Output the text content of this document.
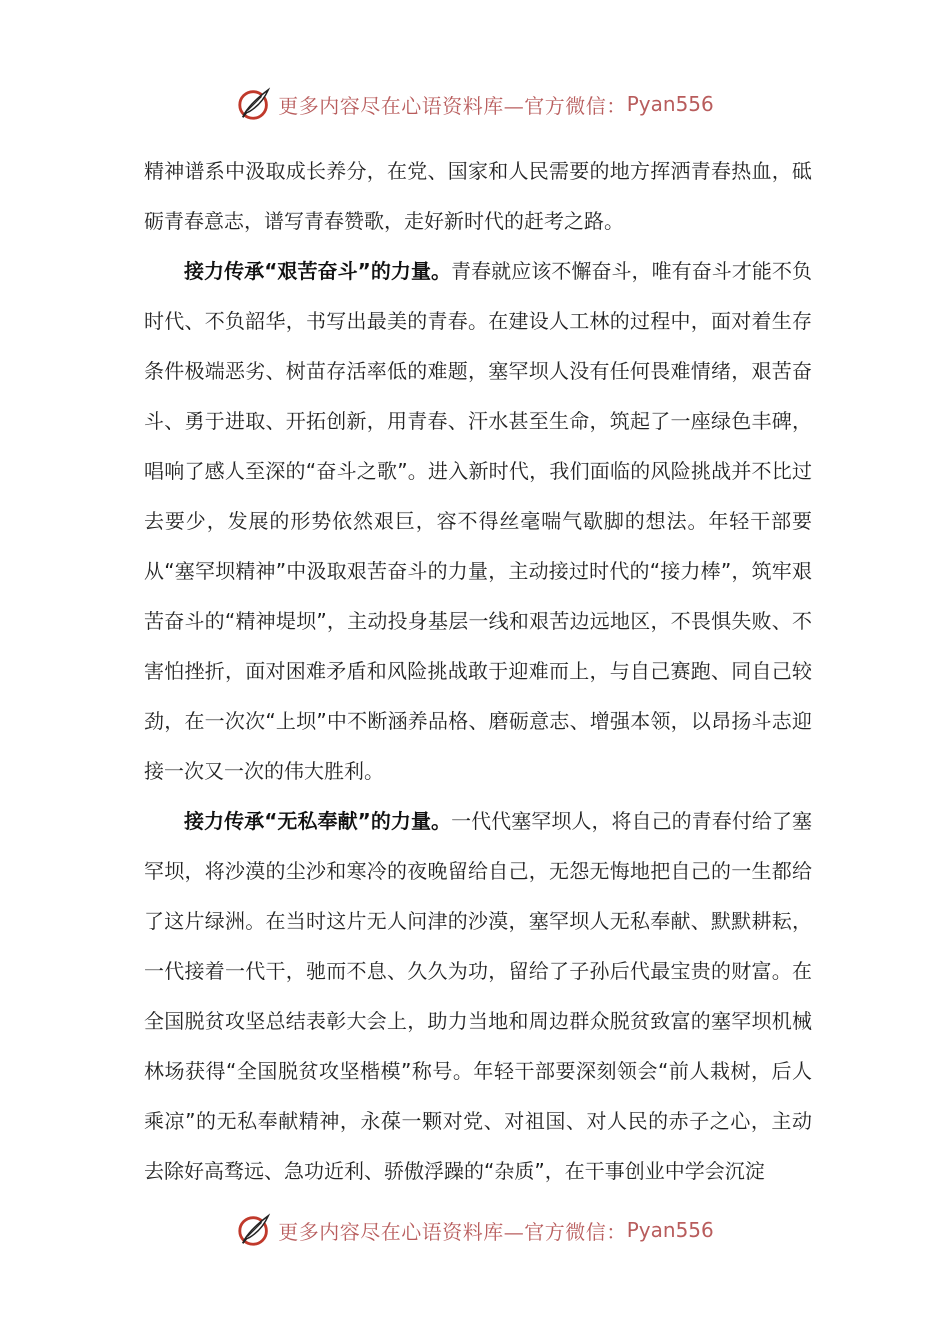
更多内容尽在心语资料库—官方微信： Pyan556

精神谱系中汲取成长养分，在党、国家和人民需要的地方挥洒青春热血，砥砺青春意志，谱写青春赞歌，走好新时代的赶考之路。

接力传承“艰苦奋斗”的力量。青春就应该不懈奋斗，唯有奋斗才能不负时代、不负韶华，书写出最美的青春。在建设人工林的过程中，面对着生存条件极端恶劣、树苗存活率低的难题，塞罕坝人没有任何畏难情绪，艰苦奋斗、勇于进取、开拓创新，用青春、汗水甚至生命，筑起了一座绿色丰碑，唱响了感人至深的“奋斗之歌”。进入新时代，我们面临的风险挑战并不比过去要少，发展的形势依然艰巨，容不得丝毫喘气歇脚的想法。年轻干部要从“塞罕坝精神”中汲取艰苦奋斗的力量，主动接过时代的“接力棒”，筑牢艰苦奋斗的“精神堤坝”，主动投身基层一线和艰苦边远地区，不畏惧失败、不害怕挫折，面对困难矛盾和风险挑战敢于迎难而上，与自己赛跑、同自己较劲，在一次次“上坝”中不断涵养品格、磨砺意志、增强本领，以昂扬斗志迎接一次又一次的伟大胜利。

接力传承“无私奉献”的力量。一代代塞罕坝人，将自己的青春付给了塞罕坝，将沙漠的尘沙和寒冷的夜晚留给自己，无怨无悔地把自己的一生都给了这片绿洲。在当时这片无人问津的沙漠，塞罕坝人无私奉献、默默耕耘，一代接着一代干，驰而不息、久久为功，留给了子孙后代最宝贵的财富。在全国脱贫攻坚总结表彰大会上，助力当地和周边群众脱贫致富的塞罕坝机械林场获得“全国脱贫攻坚楷模”称号。年轻干部要深刻领会“前人栽树，后人乘凉”的无私奉献精神，永葆一颗对党、对祖国、对人民的赤子之心，主动去除好高骛远、急功近利、骄傲浮躁的“杂质”，在干事创业中学会沉淀

更多内容尽在心语资料库—官方微信： Pyan556
